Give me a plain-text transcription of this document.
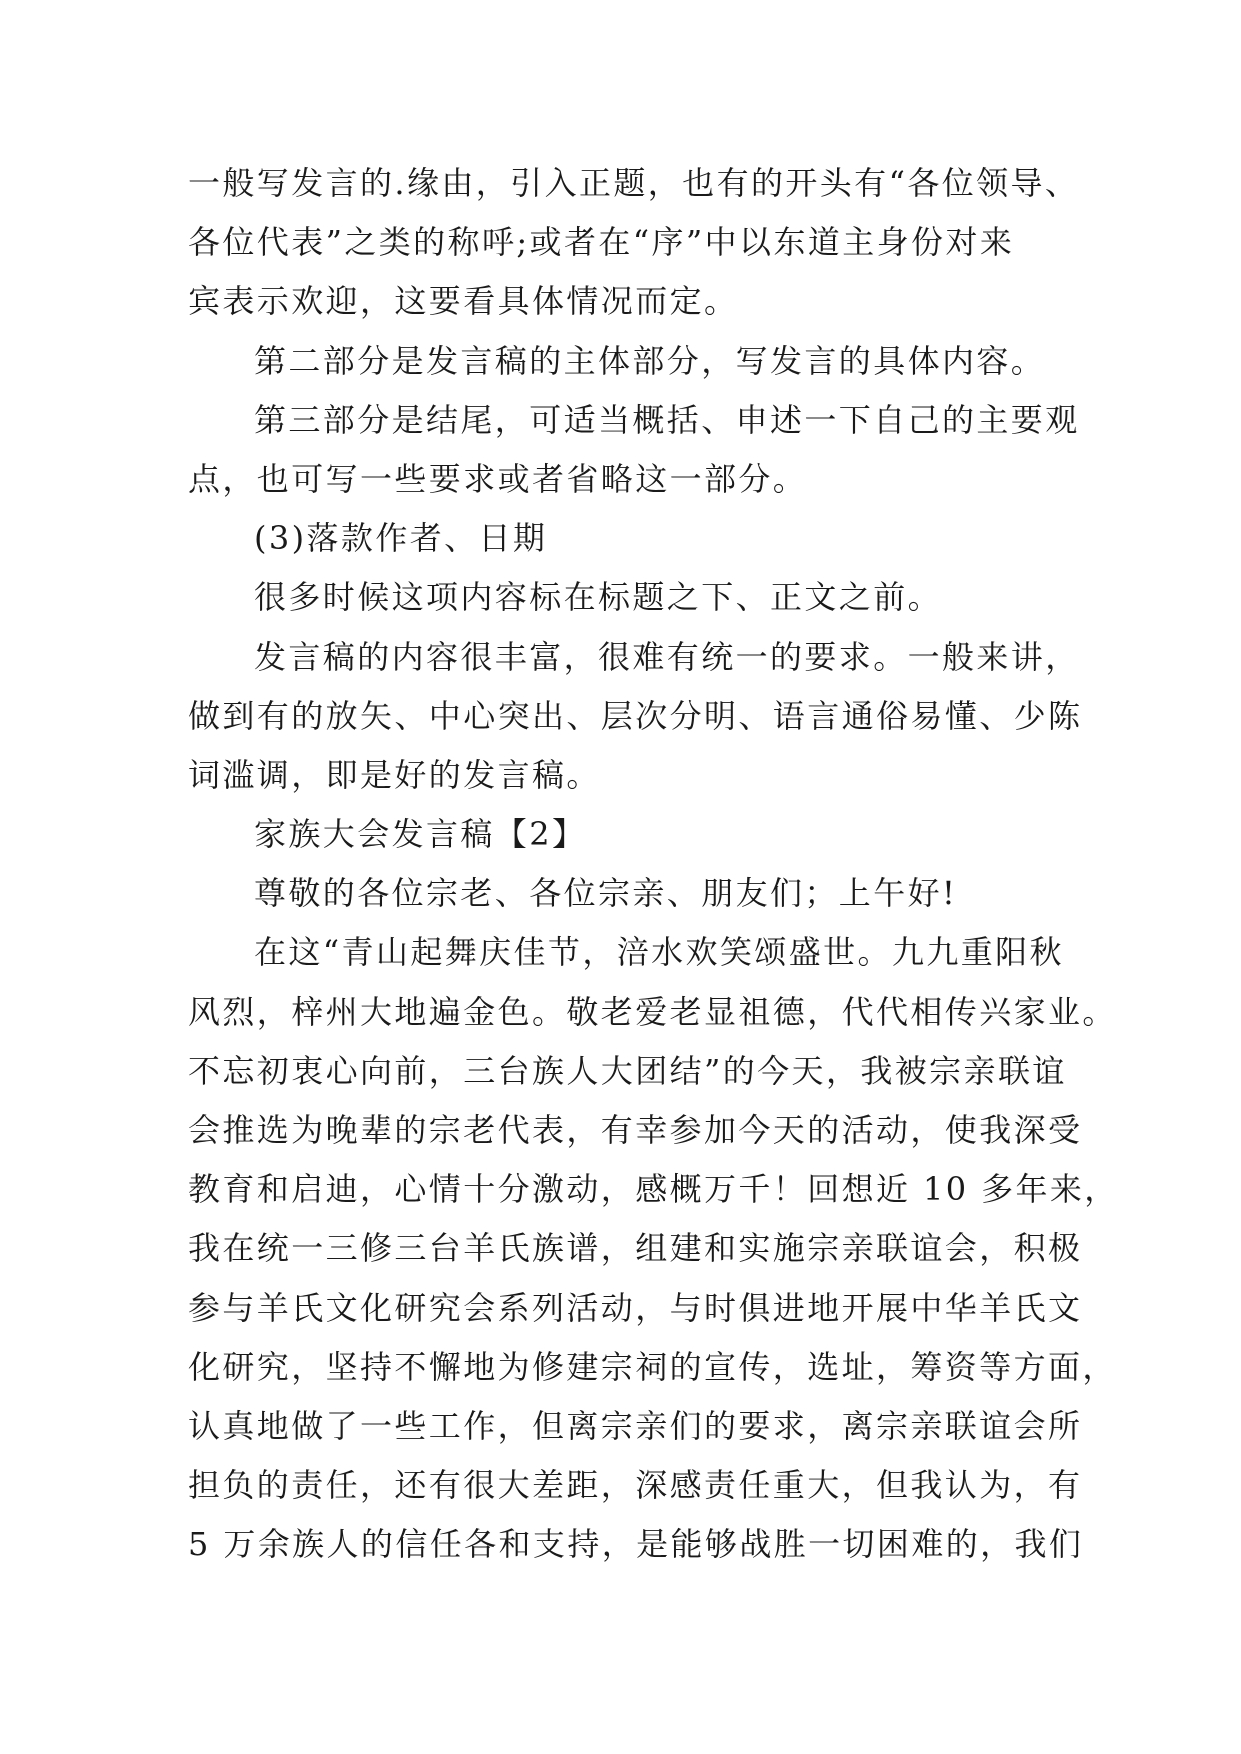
一般写发言的.缘由，引入正题，也有的开头有“各位领导、
各位代表”之类的称呼;或者在“序”中以东道主身份对来
宾表示欢迎，这要看具体情况而定。
第二部分是发言稿的主体部分，写发言的具体内容。
第三部分是结尾，可适当概括、申述一下自己的主要观
点，也可写一些要求或者省略这一部分。
(3)落款作者、日期
很多时候这项内容标在标题之下、正文之前。
发言稿的内容很丰富，很难有统一的要求。一般来讲，
做到有的放矢、中心突出、层次分明、语言通俗易懂、少陈
词滥调，即是好的发言稿。
家族大会发言稿【2】
尊敬的各位宗老、各位宗亲、朋友们；上午好!
在这“青山起舞庆佳节，涪水欢笑颂盛世。九九重阳秋
风烈，梓州大地遍金色。敬老爱老显祖德，代代相传兴家业。
不忘初衷心向前，三台族人大团结”的今天，我被宗亲联谊
会推选为晚辈的宗老代表，有幸参加今天的活动，使我深受
教育和启迪，心情十分激动，感概万千！回想近 10 多年来，
我在统一三修三台羊氏族谱，组建和实施宗亲联谊会，积极
参与羊氏文化研究会系列活动，与时俱进地开展中华羊氏文
化研究，坚持不懈地为修建宗祠的宣传，选址，筹资等方面，
认真地做了一些工作，但离宗亲们的要求，离宗亲联谊会所
担负的责任，还有很大差距，深感责任重大，但我认为，有
5 万余族人的信任各和支持，是能够战胜一切困难的，我们
